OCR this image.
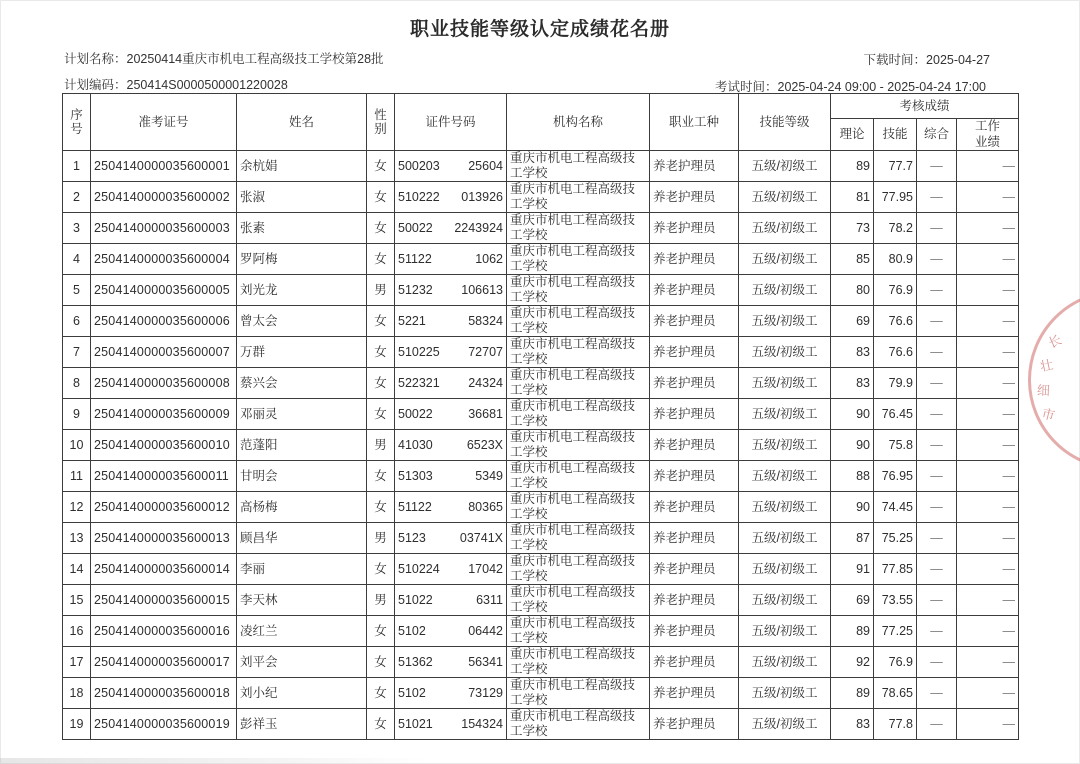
职业技能等级认定成绩花名册
计划名称：20250414重庆市机电工程高级技工学校第28批	下载时间：2025-04-27
计划编码：250414S0000500001220028	考试时间：2025-04-24 09:00 - 2025-04-24 17:00
序号	准考证号	姓名	性别	证件号码	机构名称	职业工种	技能等级	考核成绩			
								理论	技能	综合	工作业绩
1	2504140000035600001	余杭娟	女	500203 25604	重庆市机电工程高级技工学校	养老护理员	五级/初级工	89	77.7	—	—
2	2504140000035600002	张淑	女	510222 013926	重庆市机电工程高级技工学校	养老护理员	五级/初级工	81	77.95	—	—
3	2504140000035600003	张素	女	50022 2243924	重庆市机电工程高级技工学校	养老护理员	五级/初级工	73	78.2	—	—
4	2504140000035600004	罗阿梅	女	51122 1062	重庆市机电工程高级技工学校	养老护理员	五级/初级工	85	80.9	—	—
5	2504140000035600005	刘光龙	男	51232 106613	重庆市机电工程高级技工学校	养老护理员	五级/初级工	80	76.9	—	—
6	2504140000035600006	曾太会	女	5221 58324	重庆市机电工程高级技工学校	养老护理员	五级/初级工	69	76.6	—	—
7	2504140000035600007	万群	女	510225 72707	重庆市机电工程高级技工学校	养老护理员	五级/初级工	83	76.6	—	—
8	2504140000035600008	蔡兴会	女	522321 24324	重庆市机电工程高级技工学校	养老护理员	五级/初级工	83	79.9	—	—
9	2504140000035600009	邓丽灵	女	50022 36681	重庆市机电工程高级技工学校	养老护理员	五级/初级工	90	76.45	—	—
10	2504140000035600010	范蓬阳	男	41030 6523X	重庆市机电工程高级技工学校	养老护理员	五级/初级工	90	75.8	—	—
11	2504140000035600011	甘明会	女	51303 5349	重庆市机电工程高级技工学校	养老护理员	五级/初级工	88	76.95	—	—
12	2504140000035600012	高杨梅	女	51122 80365	重庆市机电工程高级技工学校	养老护理员	五级/初级工	90	74.45	—	—
13	2504140000035600013	顾昌华	男	5123 03741X	重庆市机电工程高级技工学校	养老护理员	五级/初级工	87	75.25	—	—
14	2504140000035600014	李丽	女	510224 17042	重庆市机电工程高级技工学校	养老护理员	五级/初级工	91	77.85	—	—
15	2504140000035600015	李天林	男	51022 6311	重庆市机电工程高级技工学校	养老护理员	五级/初级工	69	73.55	—	—
16	2504140000035600016	凌红兰	女	5102 06442	重庆市机电工程高级技工学校	养老护理员	五级/初级工	89	77.25	—	—
17	2504140000035600017	刘平会	女	51362 56341	重庆市机电工程高级技工学校	养老护理员	五级/初级工	92	76.9	—	—
18	2504140000035600018	刘小纪	女	5102 73129	重庆市机电工程高级技工学校	养老护理员	五级/初级工	89	78.65	—	—
19	2504140000035600019	彭祥玉	女	51021 154324	重庆市机电工程高级技工学校	养老护理员	五级/初级工	83	77.8	—	—
长
壮
细
市
